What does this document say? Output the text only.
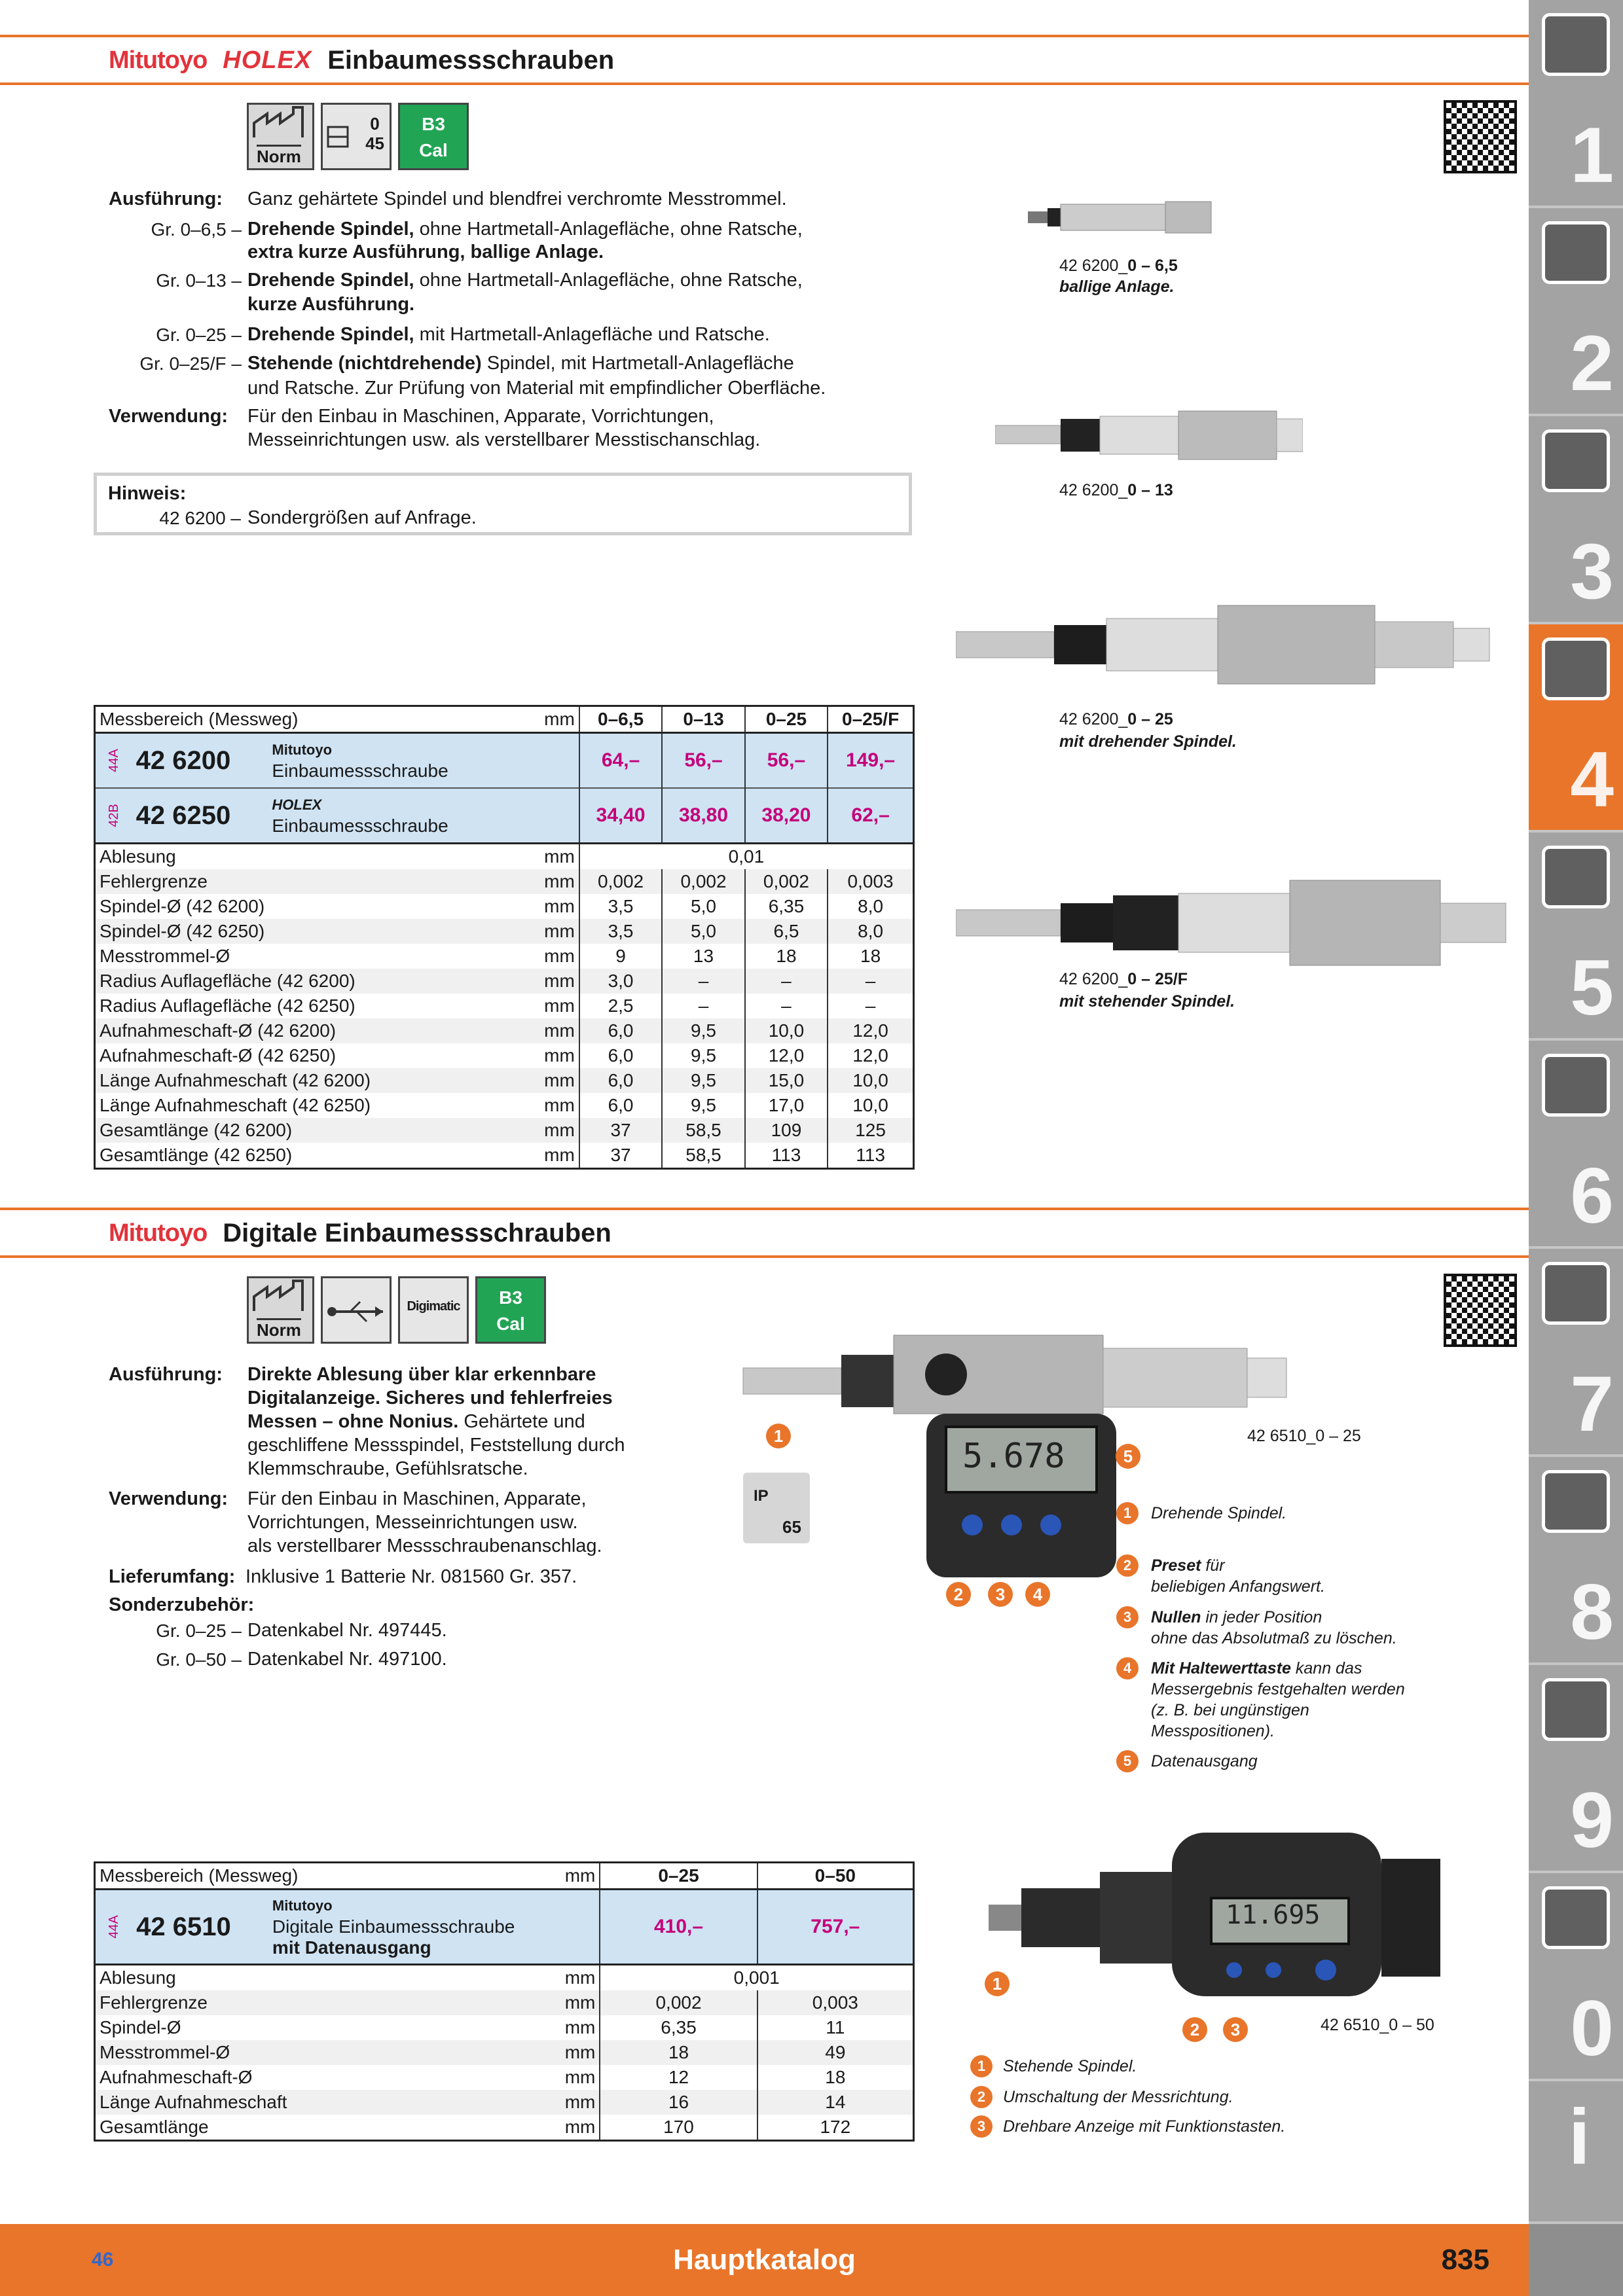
Mitutoyo HOLEX Einbaumessschrauben
Norm
0
45
B3
Cal
Ausführung: Ganz gehärtete Spindel und blendfrei verchromte Messtrommel.
Gr. 0–6,5 – Drehende Spindel, ohne Hartmetall-Anlagefläche, ohne Ratsche,
extra kurze Ausführung, ballige Anlage.
Gr. 0–13 – Drehende Spindel, ohne Hartmetall-Anlagefläche, ohne Ratsche,
kurze Ausführung.
Gr. 0–25 – Drehende Spindel, mit Hartmetall-Anlagefläche und Ratsche.
Gr. 0–25/F – Stehende (nichtdrehende) Spindel, mit Hartmetall-Anlagefläche
und Ratsche. Zur Prüfung von Material mit empfindlicher Oberfläche.
Verwendung: Für den Einbau in Maschinen, Apparate, Vorrichtungen,
Messeinrichtungen usw. als verstellbarer Messtischanschlag.
Hinweis:
42 6200 – Sondergrößen auf Anfrage.
42 6200_0 – 6,5
ballige Anlage.
42 6200_0 – 13
42 6200_0 – 25
mit drehender Spindel.
42 6200_0 – 25/F
mit stehender Spindel.
Messbereich (Messweg)		mm	0–6,5	0–13	0–25	0–25/F
44A	42 6200 Mitutoyo
Einbaumessschraube		64,–	56,–	56,–	149,–
42B	42 6250 HOLEX
Einbaumessschraube		34,40	38,80	38,20	62,–
Ablesung		mm	0,01			
Fehlergrenze		mm	0,002	0,002	0,002	0,003
Spindel-Ø (42 6200)		mm	3,5	5,0	6,35	8,0
Spindel-Ø (42 6250)		mm	3,5	5,0	6,5	8,0
Messtrommel-Ø		mm	9	13	18	18
Radius Auflagefläche (42 6200)		mm	3,0	–	–	–
Radius Auflagefläche (42 6250)		mm	2,5	–	–	–
Aufnahmeschaft-Ø (42 6200)		mm	6,0	9,5	10,0	12,0
Aufnahmeschaft-Ø (42 6250)		mm	6,0	9,5	12,0	12,0
Länge Aufnahmeschaft (42 6200)		mm	6,0	9,5	15,0	10,0
Länge Aufnahmeschaft (42 6250)		mm	6,0	9,5	17,0	10,0
Gesamtlänge (42 6200)		mm	37	58,5	109	125
Gesamtlänge (42 6250)		mm	37	58,5	113	113
Mitutoyo Digitale Einbaumessschrauben
Norm
Digimatic	B3
Cal
Ausführung: Direkte Ablesung über klar erkennbare
Digitalanzeige. Sicheres und fehlerfreies
Messen – ohne Nonius. Gehärtete und
geschliffene Messspindel, Feststellung durch
Klemmschraube, Gefühlsratsche.
Verwendung: Für den Einbau in Maschinen, Apparate,
Vorrichtungen, Messeinrichtungen usw.
als verstellbarer Messschraubenanschlag.
Lieferumfang: Inklusive 1 Batterie Nr. 081560 Gr. 357.
Sonderzubehör:
Gr. 0–25 – Datenkabel Nr. 497445.
Gr. 0–50 – Datenkabel Nr. 497100.
IP
65
5.678
1
2	3	4
5
42 6510_0 – 25
1	Drehende Spindel.
2	Preset für
beliebigen Anfangswert.
3	Nullen in jeder Position
ohne das Absolutmaß zu löschen.
4	Mit Haltewerttaste kann das
Messergebnis festgehalten werden
(z. B. bei ungünstigen
Messpositionen).
5	Datenausgang
11.695
1
2	3	42 6510_0 – 50
1	Stehende Spindel.
2	Umschaltung der Messrichtung.
3	Drehbare Anzeige mit Funktionstasten.
Messbereich (Messweg)		mm	0–25	0–50
44A	42 6510
Mitutoyo
Digitale Einbaumessschraube
mit Datenausgang		410,–	757,–
Ablesung		mm	0,001	
Fehlergrenze		mm	0,002	0,003
Spindel-Ø		mm	6,35	11
Messtrommel-Ø		mm	18	49
Aufnahmeschaft-Ø		mm	12	18
Länge Aufnahmeschaft		mm	16	14
Gesamtlänge		mm	170	172
1
2
3
4
5
6
7
8
9
0
i
46	Hauptkatalog	835
